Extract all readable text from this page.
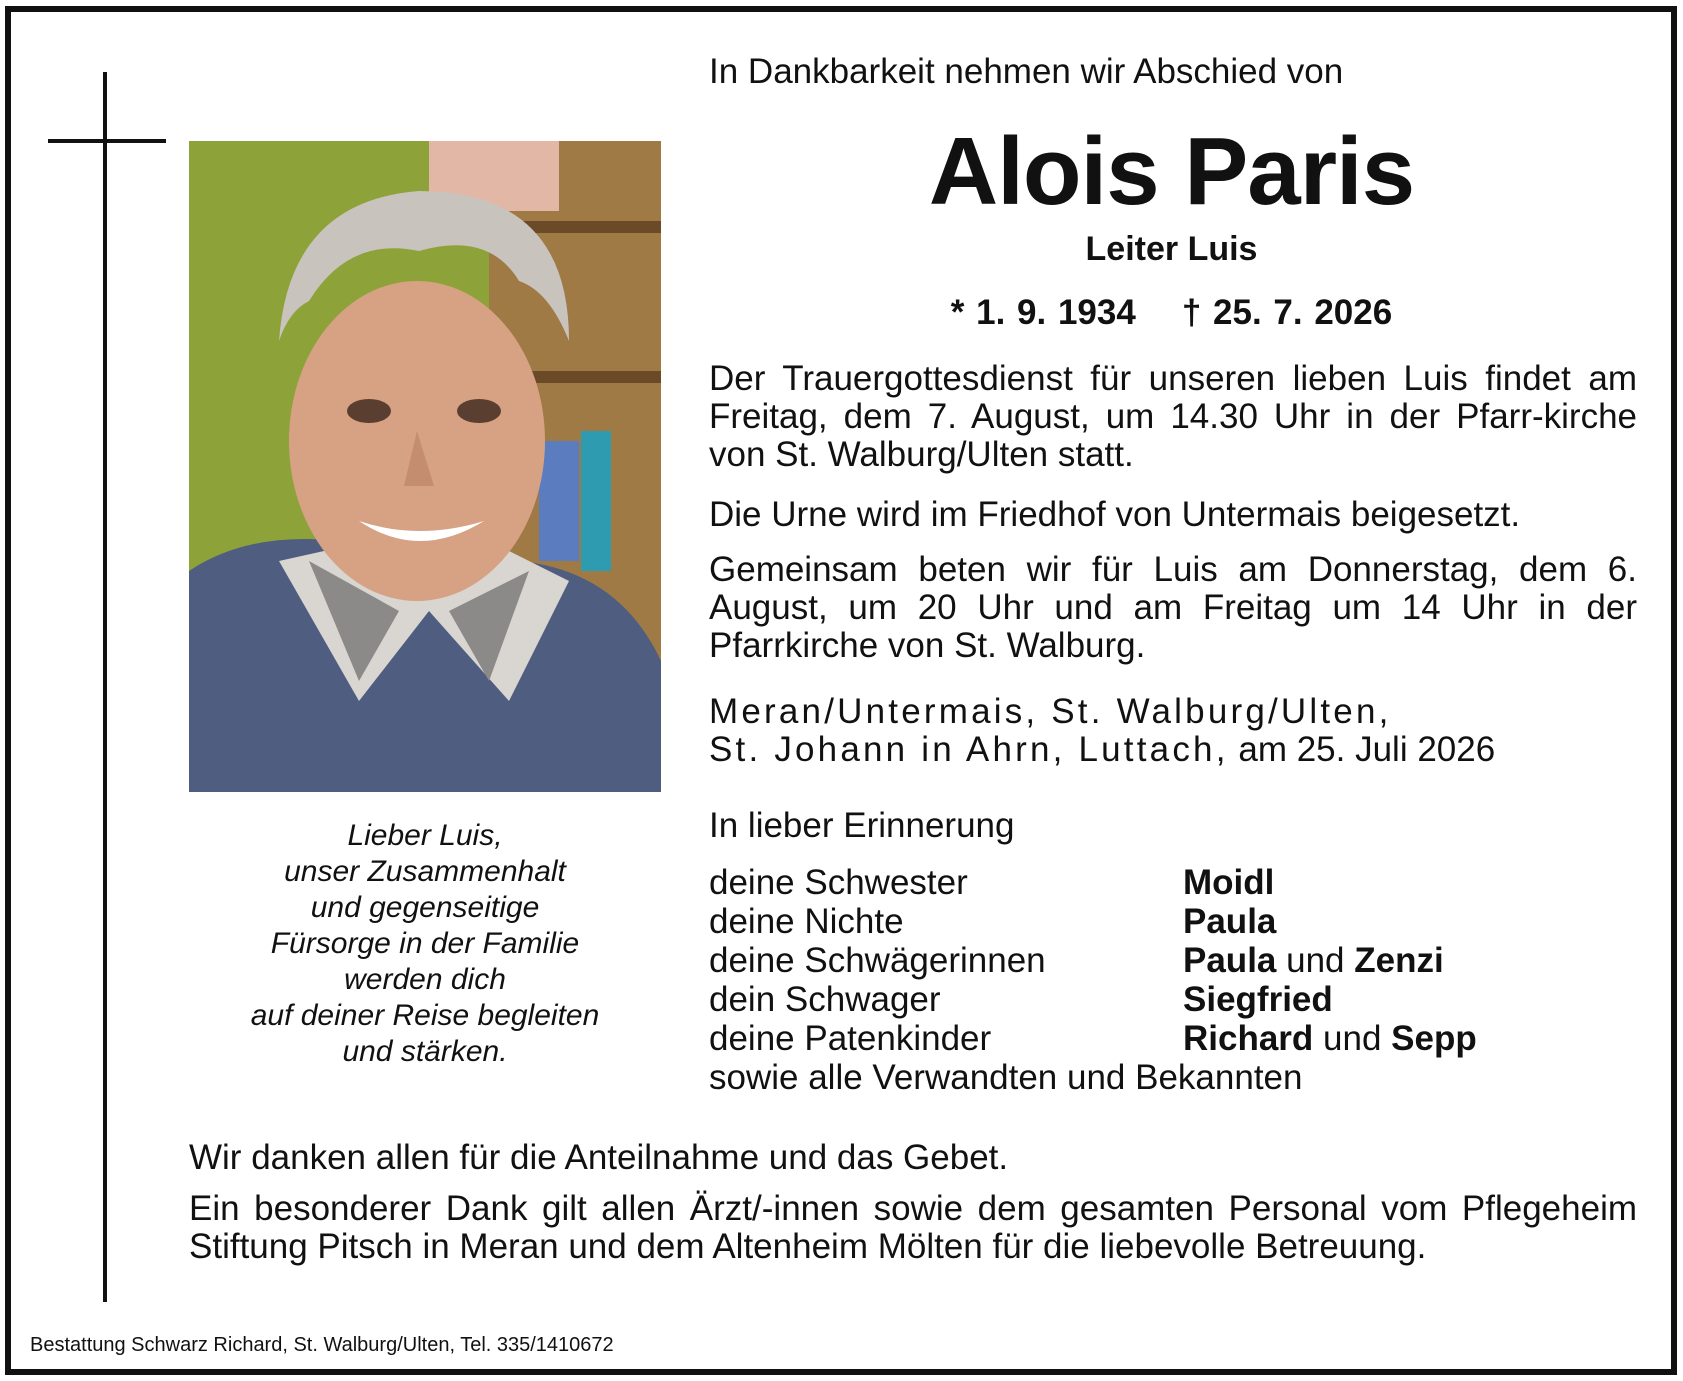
In Dankbarkeit nehmen wir Abschied von
Alois Paris
Leiter Luis
* 1. 9. 1934 † 25. 7. 2026
Der Trauergottesdienst für unseren lieben Luis findet am Freitag, dem 7. August, um 14.30 Uhr in der Pfarr-kirche von St. Walburg/Ulten statt.
Die Urne wird im Friedhof von Untermais beigesetzt.
Gemeinsam beten wir für Luis am Donnerstag, dem 6. August, um 20 Uhr und am Freitag um 14 Uhr in der Pfarrkirche von St. Walburg.
Meran/Untermais, St. Walburg/Ulten,
St. Johann in Ahrn, Luttach, am 25. Juli 2026
In lieber Erinnerung
deine Schwester	Moidl
deine Nichte	Paula
deine Schwägerinnen	Paula und Zenzi
dein Schwager	Siegfried
deine Patenkinder	Richard und Sepp
sowie alle Verwandten und Bekannten
Lieber Luis,
unser Zusammenhalt
und gegenseitige
Fürsorge in der Familie
werden dich
auf deiner Reise begleiten
und stärken.
Wir danken allen für die Anteilnahme und das Gebet.
Ein besonderer Dank gilt allen Ärzt/-innen sowie dem gesamten Personal vom Pflegeheim Stiftung Pitsch in Meran und dem Altenheim Mölten für die liebevolle Betreuung.
Bestattung Schwarz Richard, St. Walburg/Ulten, Tel. 335/1410672
